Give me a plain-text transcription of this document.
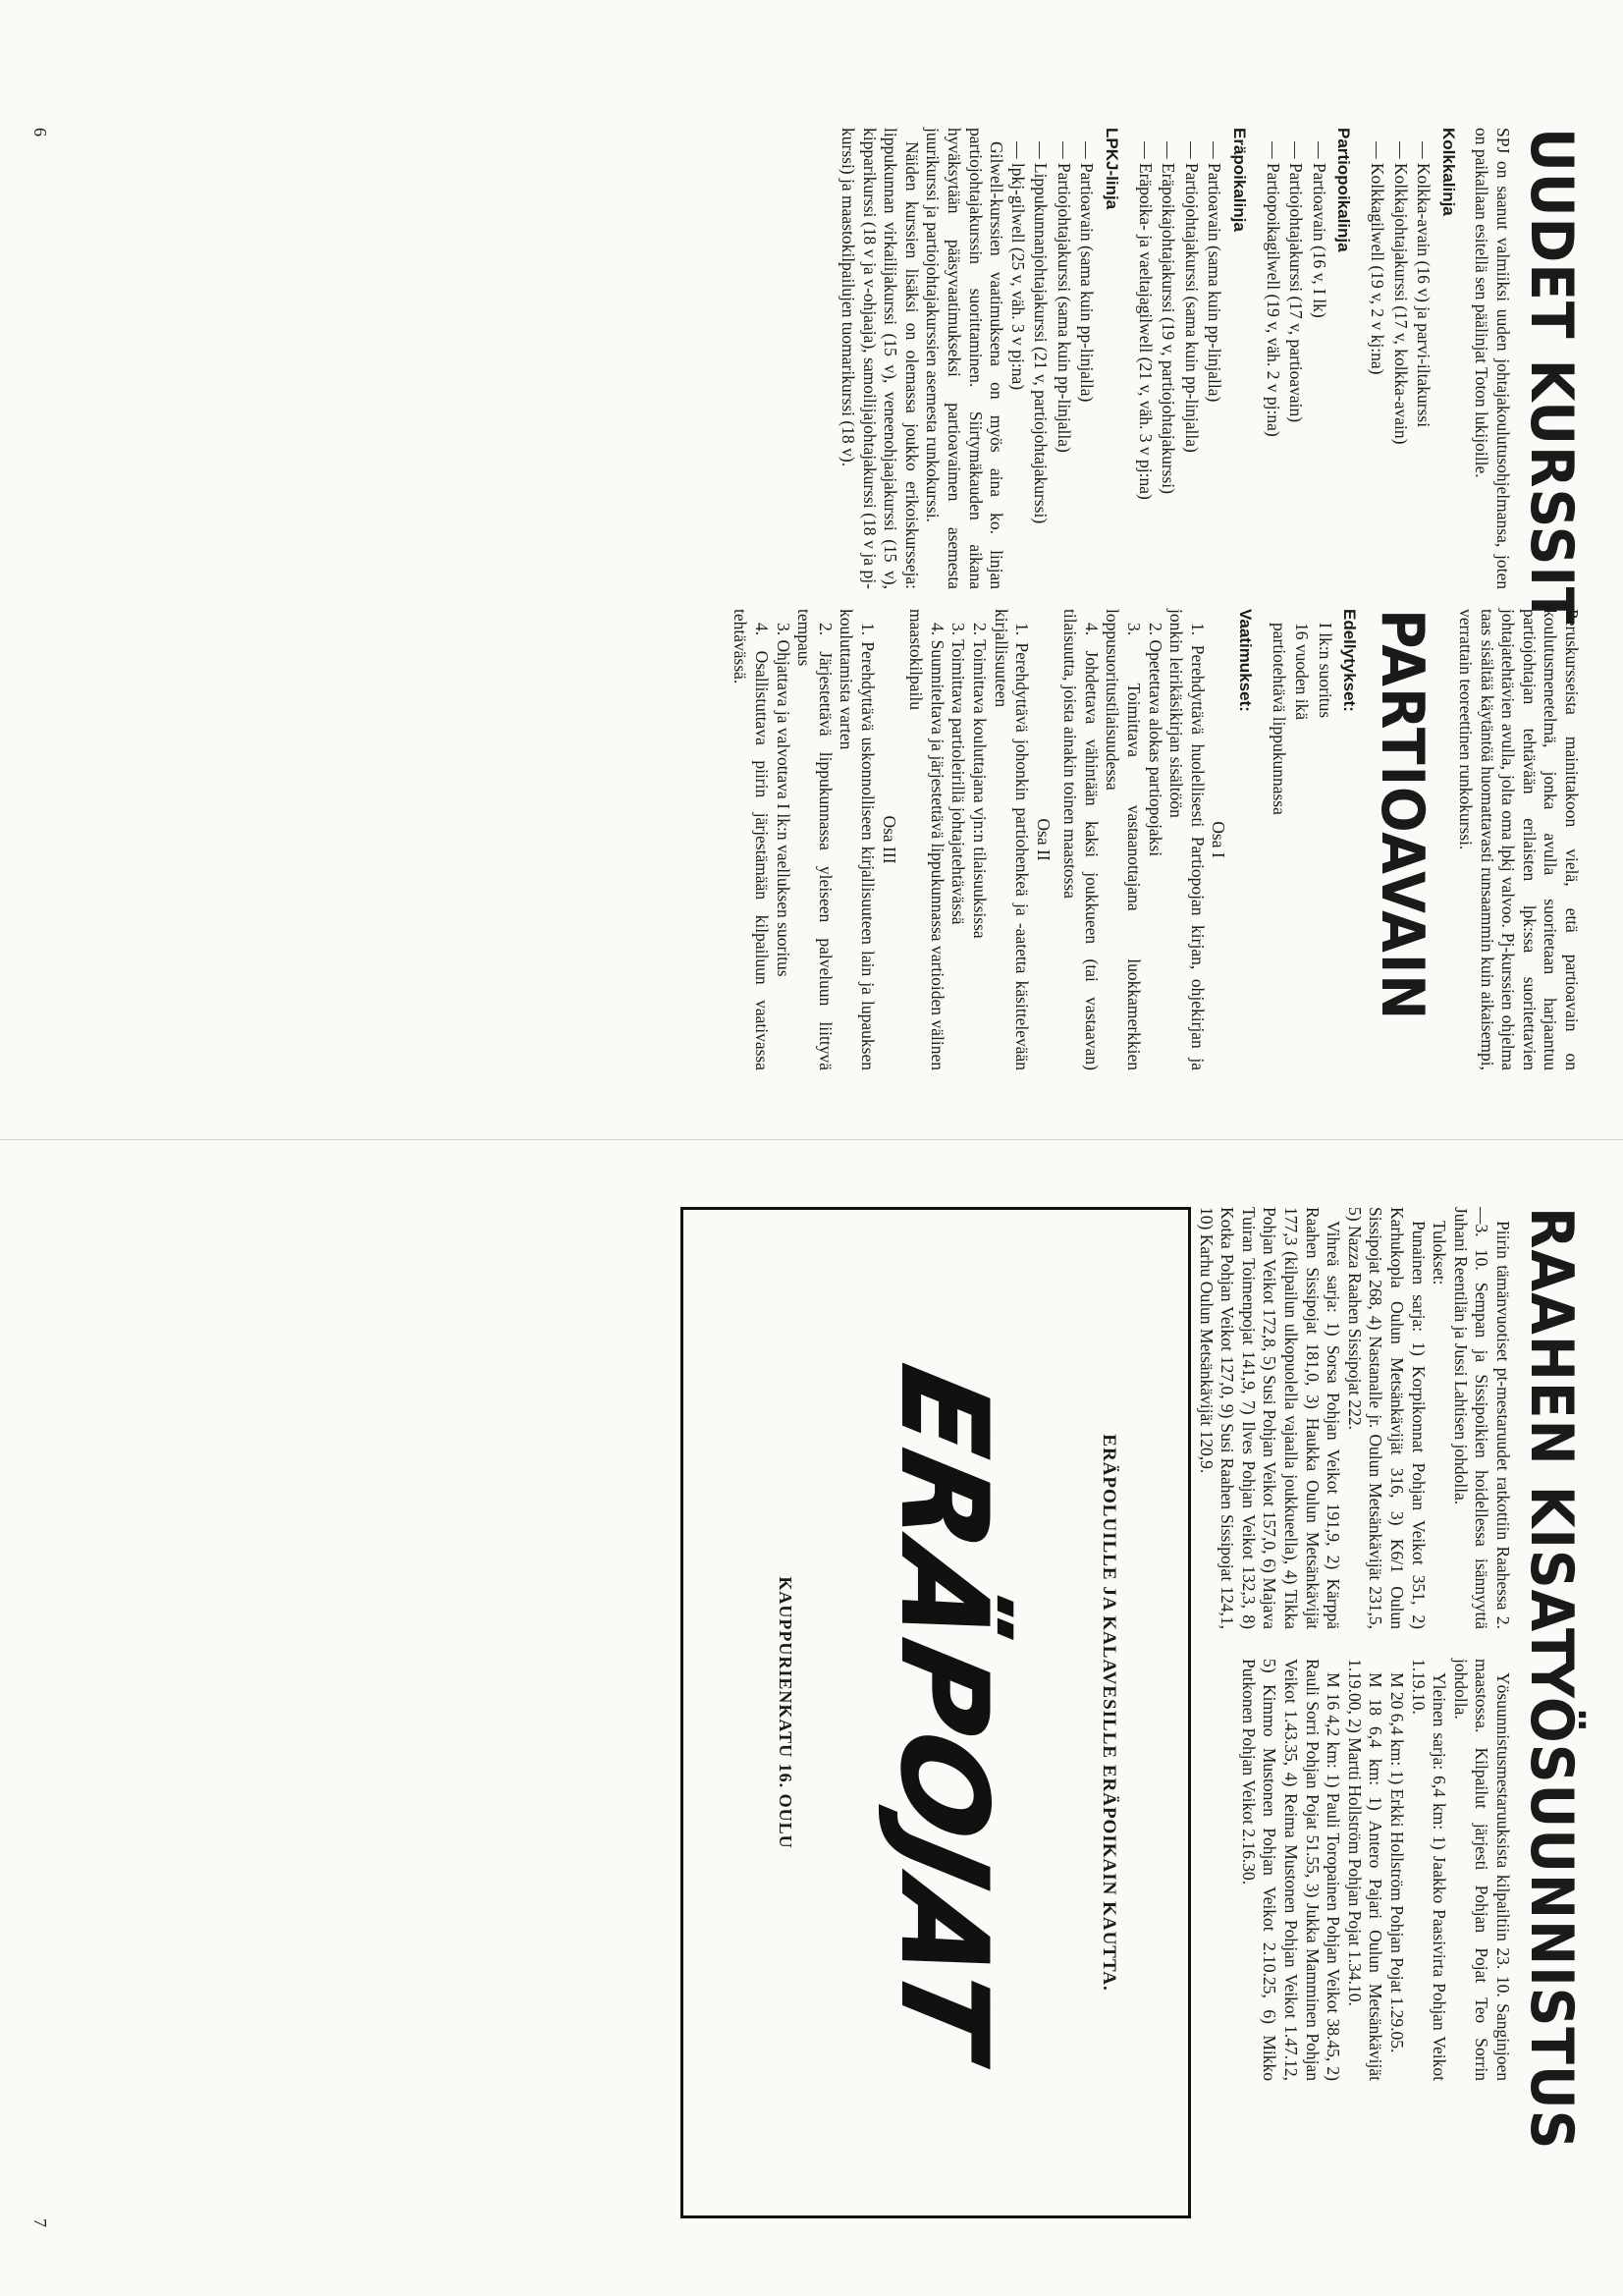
UUDET KURSSIT

SPJ on saanut valmiiksi uuden johtajakoulutusohjelmansa, joten on paikallaan esitellä sen päälinjat Toton lukijoille.

Kolkkalinja

— Kolkka-avain (16 v) ja parvi-iltakurssi

— Kolkkajohtajakurssi (17 v, kolkka-avain)

— Kolkkagilwell (19 v, 2 v kj:na)

Partiopoikalinja

— Partioavain (16 v, I lk)

— Partiojohtajakurssi (17 v, partioavain)

— Partiopoikagilwell (19 v, väh. 2 v pj:na)

Eräpoikalinja

— Partioavain (sama kuin pp-linjalla)

— Partiojohtajakurssi (sama kuin pp-linjalla)

— Eräpoikajohtajakurssi (19 v, partiojohtajakurssi)

— Eräpoika- ja vaeltajagilwell (21 v, väh. 3 v pj:na)

LPKJ-linja

— Partioavain (sama kuin pp-linjalla)

— Partiojohtajakurssi (sama kuin pp-linjalla)

— Lippukunnanjohtajakurssi (21 v, partiojohtajakurssi)

— lpkj-gilwell (25 v, väh. 3 v pj:na)

Gilwell-kurssien vaatimuksena on myös aina ko. linjan partiojohtajakurssin suorittaminen. Siirtymäkauden aikana hyväksytään pääsyvaatimukseksi partioavaimen asemesta juurikurssi ja partiojohtajakurssien asemesta runkokurssi.

Näiden kurssien lisäksi on olemassa joukko erikoiskursseja: lippukunnan virkailijakurssi (15 v), veneenohjaajakurssi (15 v), kipparikurssi (18 v ja v-ohjaaja), samoilijajohtajakurssi (18 v ja pj-kurssi) ja maastokilpailujen tuomarikurssi (18 v).

Peruskursseista mainittakoon vielä, että partioavain on koulutusmenetelmä, jonka avulla suoritetaan harjaantuu partiojohtajan tehtävään erilaisten lpk:ssa suoritettavien johtajatehtävien avulla, jolta oma lpkj valvoo. Pj-kurssien ohjelma taas sisältää käytäntöä huomattavasti runsaammin kuin aikaisempi, verrattain teoreettinen runkokurssi.

PARTIOAVAIN
Edellytykset:

I lk:n suoritus

16 vuoden ikä

partiotehtävä lippukunnassa

Vaatimukset:

Osa I

1. Perehdyttävä huolellisesti Partiopojan kirjan, ohjekirjan ja jonkin leirikäsikirjan sisältöön

2. Opetettava alokas partiopojaksi

3. Toimittava vastaanottajana luokkamerkkien loppusuoritustilaisuudessa

4. Johdettava vähintään kaksi joukkueen (tai vastaavan) tilaisuutta, joista ainakin toinen maastossa

Osa II

1. Perehdyttävä johonkin partiohenkeä ja -aatetta käsittelevään kirjallisuuteen

2. Toimittava kouluttajana vjn:n tilaisuuksissa

3. Toimittava partioleirillä johtajatehtävässä

4. Suunniteltava ja järjestettävä lippukunnassa vartioiden välinen maastokilpailu

Osa III

1. Perehdyttävä uskonnolliseen kirjallisuuteen lain ja lupauksen kouluttamista varten

2. Järjestettävä lippukunnassa yleiseen palveluun liittyvä tempaus

3. Ohjattava ja valvottava I lk:n vaelluksen suoritus

4. Osallistuttava piirin järjestämään kilpailuun vaativassa tehtävässä.

6
RAAHEN KISAT

Piirin tämänvuotiset pt-mestaruudet ratkottiin Raahessa 2.—3. 10. Sempan ja Sissipoikien hoidellessa isännyyttä Juhani Reentilän ja Jussi Lahtisen johdolla.

Tulokset:

Punainen sarja: 1) Korpikonnat Pohjan Veikot 351, 2) Karhukopla Oulun Metsänkävijät 316, 3) K6/1 Oulun Sissipojat 268, 4) Nastanalle jr. Oulun Metsänkävijät 231,5, 5) Nazza Raahen Sissipojat 222.

Vihreä sarja: 1) Sorsa Pohjan Veikot 191,9, 2) Kärppä Raahen Sissipojat 181,0, 3) Haukka Oulun Metsänkävijät 177,3 (kilpailun ulkopuolella vajaalla joukkueella), 4) Tikka Pohjan Veikot 172,8, 5) Susi Pohjan Veikot 157,0, 6) Majava Tuiran Toimenpojat 141,9, 7) Ilves Pohjan Veikot 132,3, 8) Kotka Pohjan Veikot 127,0, 9) Susi Raahen Sissipojat 124,1, 10) Karhu Oulun Metsänkävijät 120,9.

YÖSUUNNISTUS

Yösuunnistusmestaruuksista kilpailtiin 23. 10. Sanginjoen maastossa. Kilpailut järjesti Pohjan Pojat Teo Sorrin johdolla.

Yleinen sarja: 6,4 km: 1) Jaakko Paasivirta Pohjan Veikot 1.19.10.

M 20 6,4 km: 1) Erkki Hollström Pohjan Pojat 1.29.05.

M 18 6,4 km: 1) Antero Pajari Oulun Metsänkävijät 1.19.00, 2) Martti Hollström Pohjan Pojat 1.34.10.

M 16 4,2 km: 1) Pauli Toropainen Pohjan Veikot 38.45, 2) Rauli Sorri Pohjan Pojat 51.55, 3) Jukka Mamminen Pohjan Veikot 1.43.35, 4) Reima Mustonen Pohjan Veikot 1.47.12, 5) Kimmo Mustonen Pohjan Veikot 2.10.25, 6) Mikko Putkonen Pohjan Veikot 2.16.30.

ERÄPOLUILLE JA KALAVESILLE ERÄPOIKAIN KAUTTA.
ERÄPOJAT
KAUPPURIENKATU 16. OULU
7
